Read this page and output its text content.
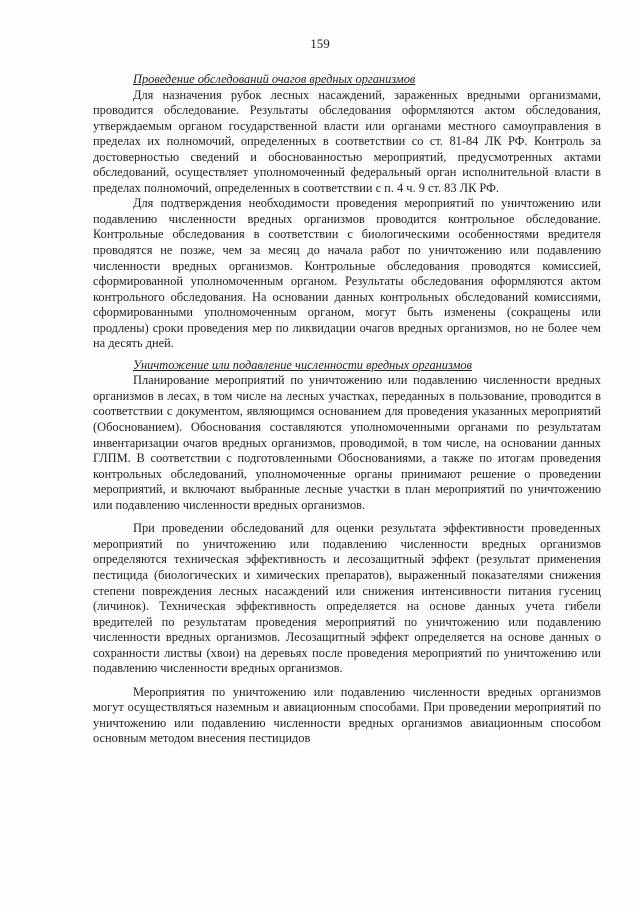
159

Проведение обследований очагов вредных организмов

Для назначения рубок лесных насаждений, зараженных вредными организмами, проводится обследование. Результаты обследования оформляются актом обследования, утверждаемым органом государственной власти или органами местного самоуправления в пределах их полномочий, определенных в соответствии со ст. 81-84 ЛК РФ. Контроль за достоверностью сведений и обоснованностью мероприятий, предусмотренных актами обследований, осуществляет уполномоченный федеральный орган исполнительной власти в пределах полномочий, определенных в соответствии с п. 4 ч. 9 ст. 83 ЛК РФ.

Для подтверждения необходимости проведения мероприятий по уничтожению или подавлению численности вредных организмов проводится контрольное обследование. Контрольные обследования в соответствии с биологическими особенностями вредителя проводятся не позже, чем за месяц до начала работ по уничтожению или подавлению численности вредных организмов. Контрольные обследования проводятся комиссией, сформированной уполномоченным органом. Результаты обследования оформляются актом контрольного обследования. На основании данных контрольных обследований комиссиями, сформированными уполномоченным органом, могут быть изменены (сокращены или продлены) сроки проведения мер по ликвидации очагов вредных организмов, но не более чем на десять дней.

Уничтожение или подавление численности вредных организмов

Планирование мероприятий по уничтожению или подавлению численности вредных организмов в лесах, в том числе на лесных участках, переданных в пользование, проводится в соответствии с документом, являющимся основанием для проведения указанных мероприятий (Обоснованием). Обоснования составляются уполномоченными органами по результатам инвентаризации очагов вредных организмов, проводимой, в том числе, на основании данных ГЛПМ. В соответствии с подготовленными Обоснованиями, а также по итогам проведения контрольных обследований, уполномоченные органы принимают решение о проведении мероприятий, и включают выбранные лесные участки в план мероприятий по уничтожению или подавлению численности вредных организмов.

При проведении обследований для оценки результата эффективности проведенных мероприятий по уничтожению или подавлению численности вредных организмов определяются техническая эффективность и лесозащитный эффект (результат применения пестицида (биологических и химических препаратов), выраженный показателями снижения степени повреждения лесных насаждений или снижения интенсивности питания гусениц (личинок). Техническая эффективность определяется на основе данных учета гибели вредителей по результатам проведения мероприятий по уничтожению или подавлению численности вредных организмов. Лесозащитный эффект определяется на основе данных о сохранности листвы (хвои) на деревьях после проведения мероприятий по уничтожению или подавлению численности вредных организмов.

Мероприятия по уничтожению или подавлению численности вредных организмов могут осуществляться наземным и авиационным способами. При проведении мероприятий по уничтожению или подавлению численности вредных организмов авиационным способом основным методом внесения пестицидов
